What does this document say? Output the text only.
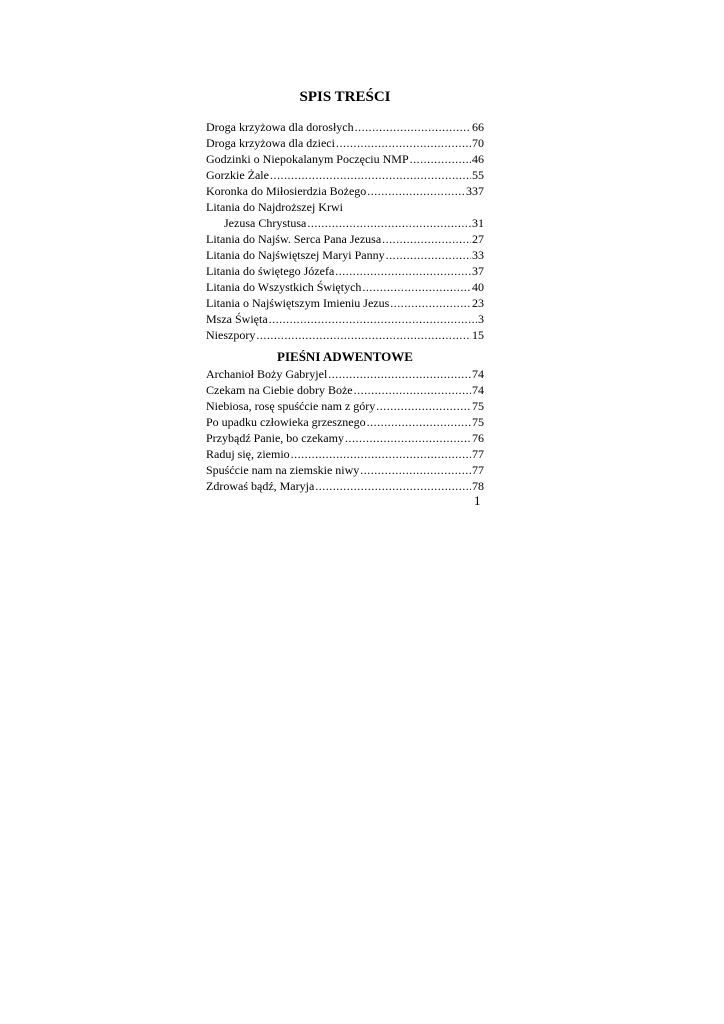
SPIS TREŚCI
Droga krzyżowa dla dorosłych .....	66
Droga krzyżowa dla dzieci .....	70
Godzinki o Niepokalanym Poczęciu NMP .....	46
Gorzkie Żale .....	55
Koronka do Miłosierdzia Bożego .....	337
Litania do Najdroższej Krwi
Jezusa Chrystusa .....	31
Litania do Najśw. Serca Pana Jezusa .....	27
Litania do Najświętszej Maryi Panny .....	33
Litania do świętego Józefa .....	37
Litania do Wszystkich Świętych .....	40
Litania o Najświętszym Imieniu Jezus .....	23
Msza Święta .....	3
Nieszpory .....	15
PIEŚNI ADWENTOWE
Archanioł Boży Gabryjel .....	74
Czekam na Ciebie dobry Boże .....	74
Niebiosa, rosę spuśćcie nam z góry .....	75
Po upadku człowieka grzesznego .....	75
Przybądź Panie, bo czekamy .....	76
Raduj się, ziemio .....	77
Spuśćcie nam na ziemskie niwy .....	77
Zdrowaś bądź, Maryja .....	78
1
